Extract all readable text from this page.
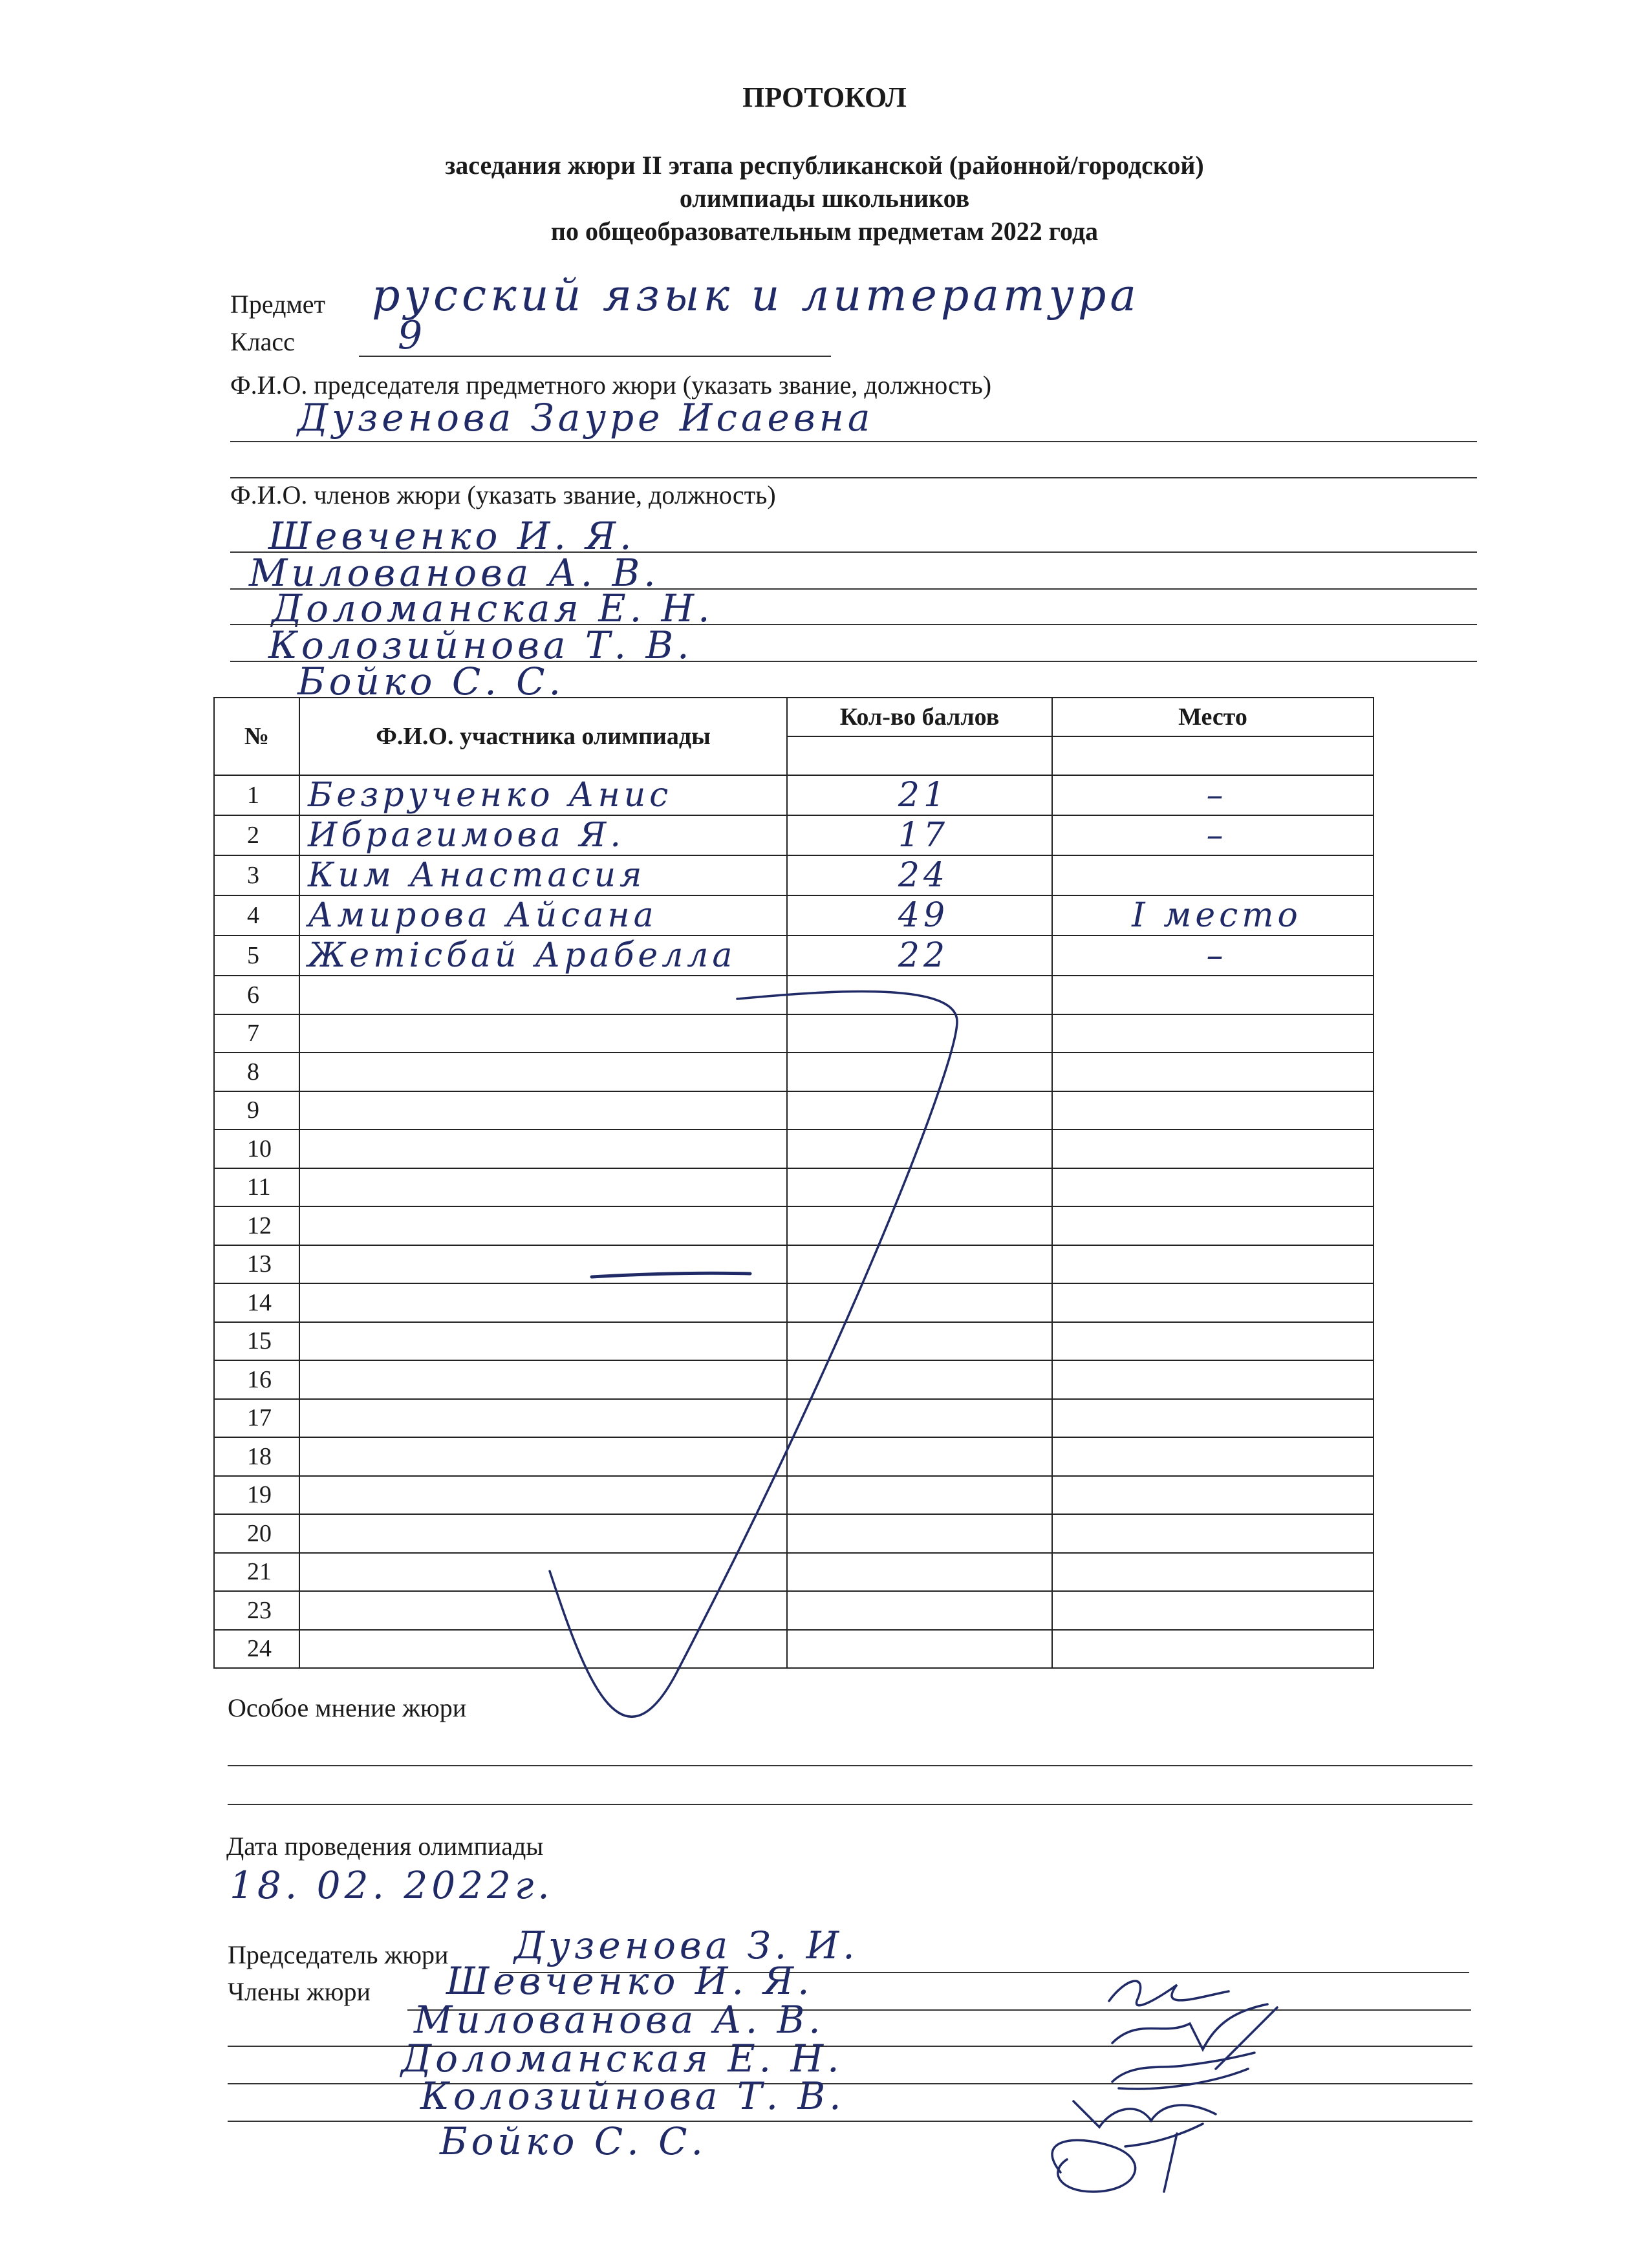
ПРОТОКОЛ
заседания жюри II этапа республиканской (районной/городской)
олимпиады школьников
по общеобразовательным предметам 2022 года
Предмет русский язык и литература
Класс	9
Ф.И.О. председателя предметного жюри (указать звание, должность)
Дузенова Зауре Исаевна
Ф.И.О. членов жюри (указать звание, должность)
Шевченко И. Я.
Милованова А. В.
Доломанская Е. Н.
Колозийнова Т. В.
Бойко С. С.
№	Ф.И.О. участника олимпиады	Кол-во баллов	Место

1	Безрученко Анис	21	–
2	Ибрагимова Я.	17	–
3	Ким Анастасия	24	
4	Амирова Айсана	49	I место
5	Жетісбай Арабелла	22	–
6			
7			
8			
9			
10			
11			
12			
13			
14			
15			
16			
17			
18			
19			
20			
21			
23			
24			
Особое мнение жюри
Дата проведения олимпиады
18. 02. 2022г.
Председатель жюри Дузенова З. И.
Члены жюри Шевченко И. Я.
Милованова А. В.
Доломанская Е. Н.
Колозийнова Т. В.
Бойко С. С.
